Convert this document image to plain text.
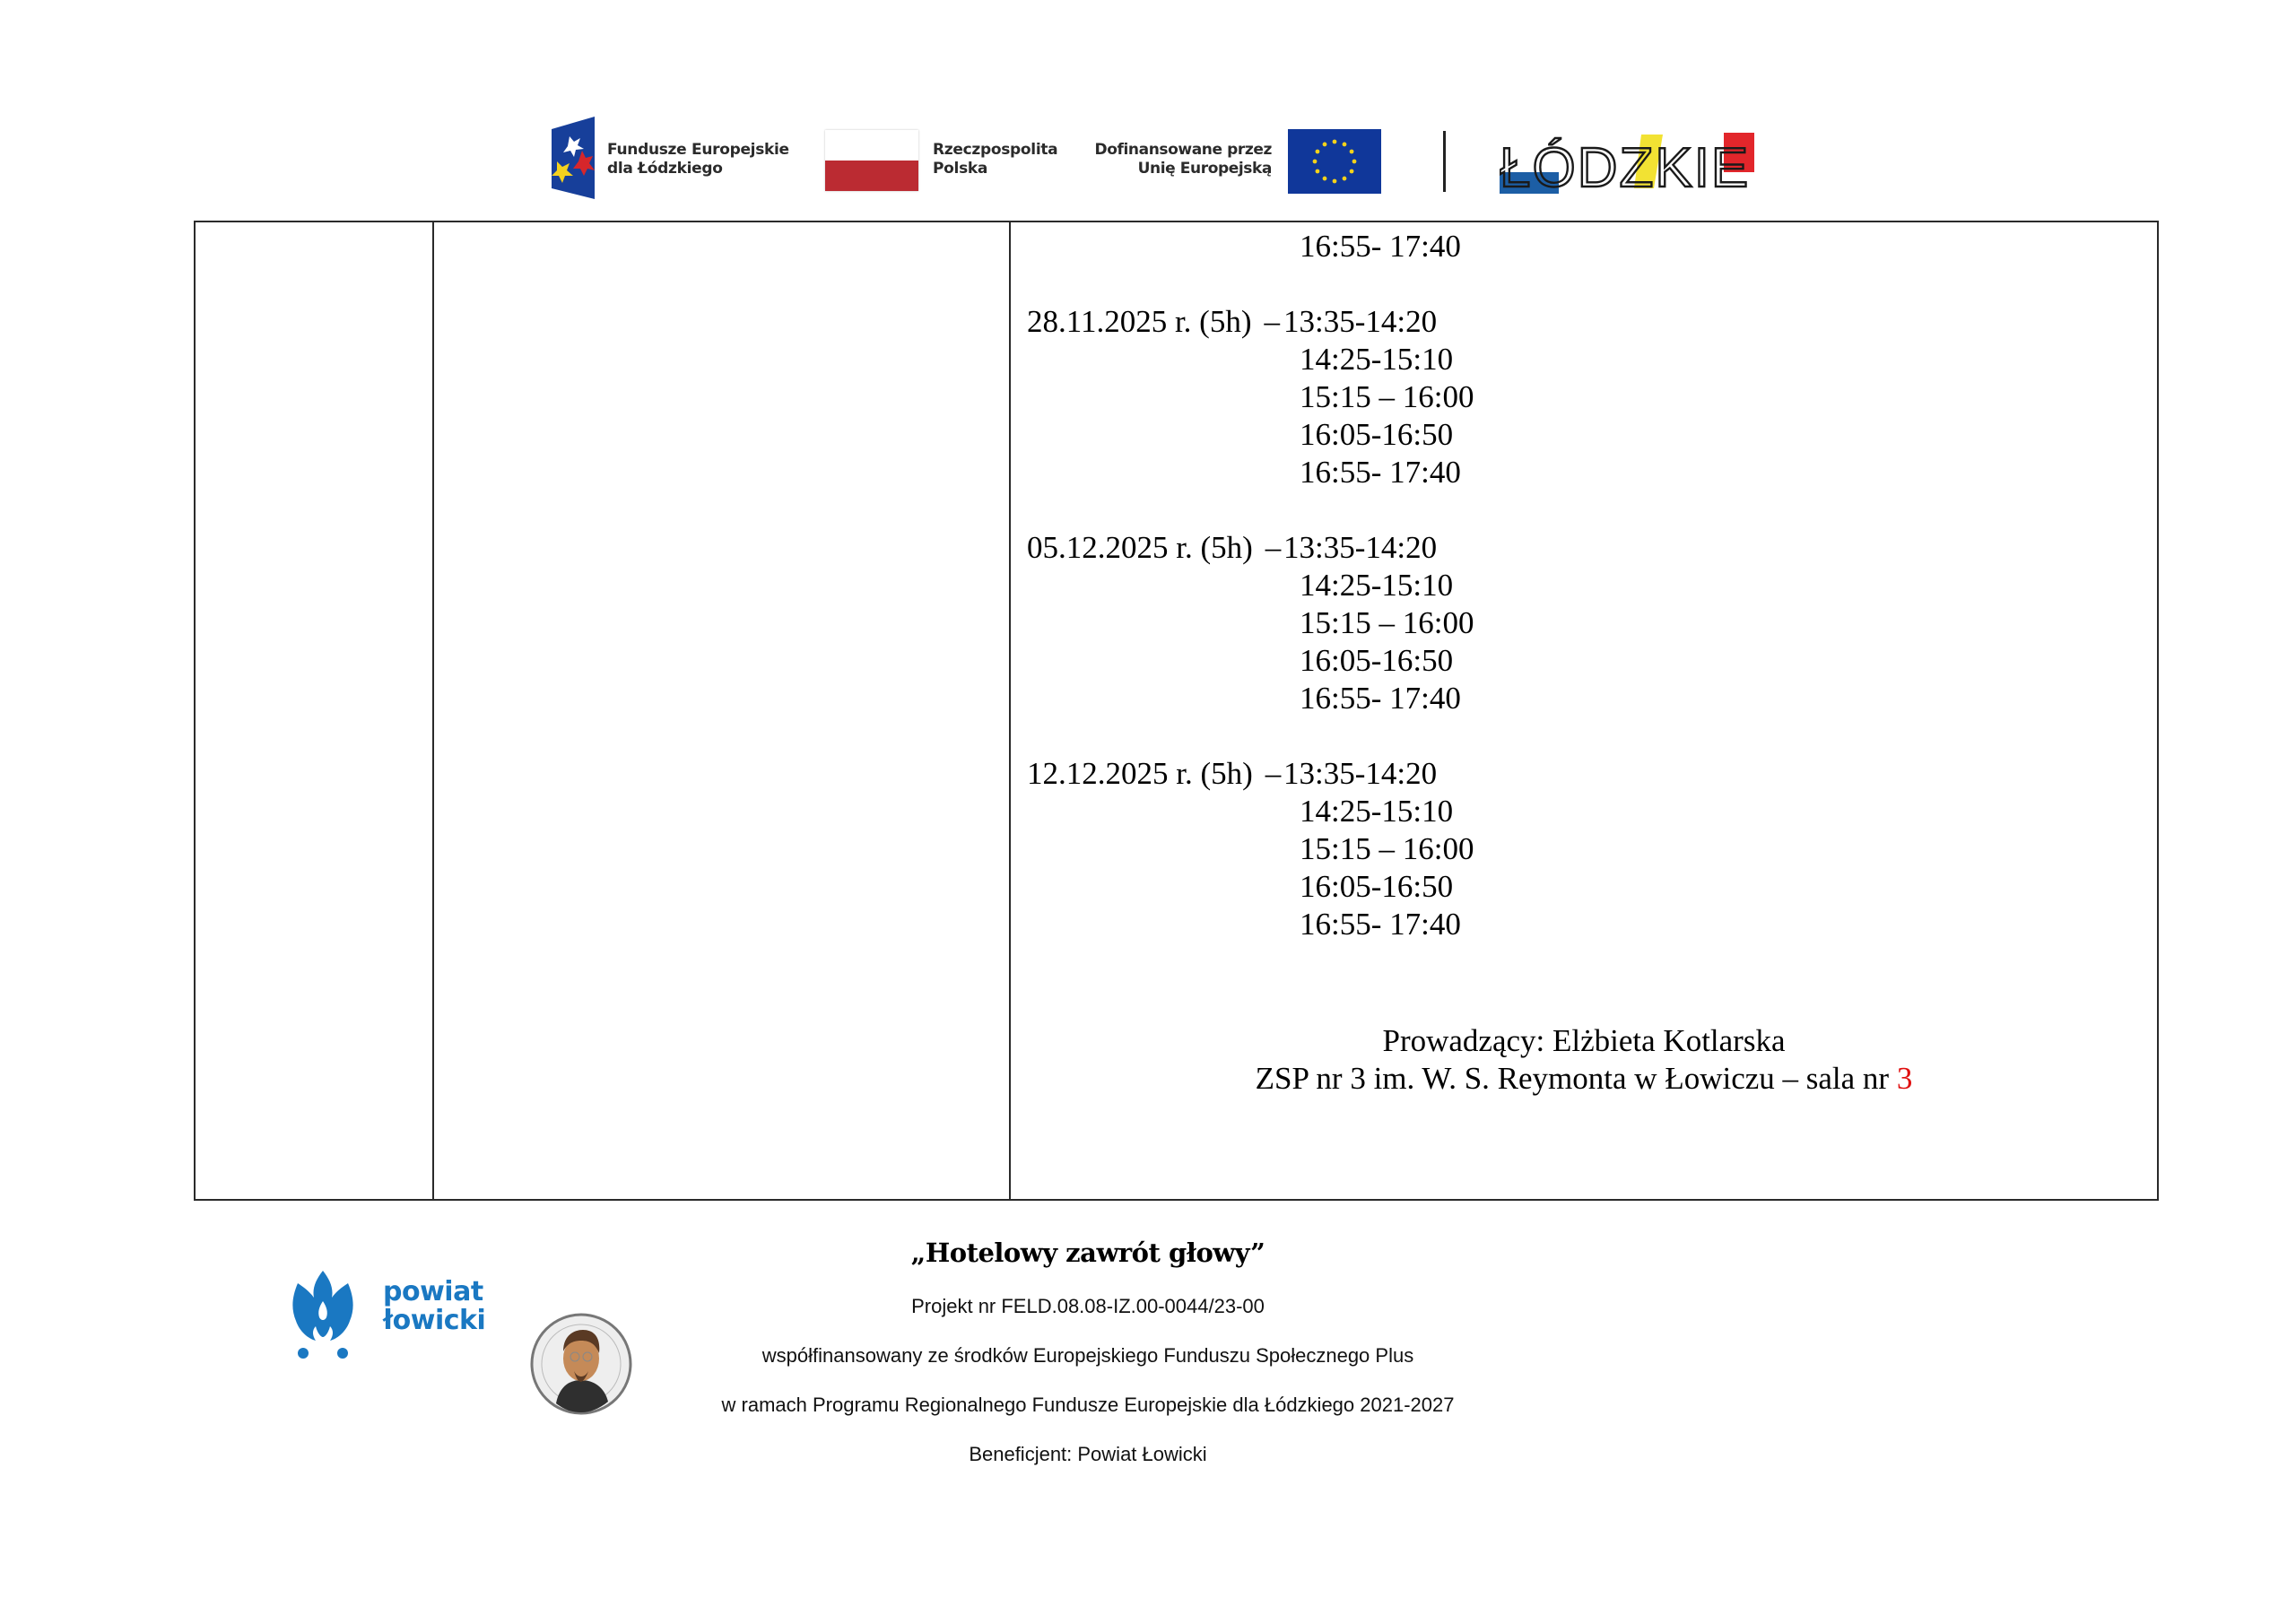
Fundusze Europejskie
dla Łódzkiego
Rzeczpospolita
Polska
Dofinansowane przez
Unię Europejską	ŁÓDZKIE
16:55- 17:40
28.11.2025 r. (5h) – 13:35-14:20
14:25-15:10
15:15 – 16:00
16:05-16:50
16:55- 17:40
05.12.2025 r. (5h) – 13:35-14:20
14:25-15:10
15:15 – 16:00
16:05-16:50
16:55- 17:40
12.12.2025 r. (5h) – 13:35-14:20
14:25-15:10
15:15 – 16:00
16:05-16:50
16:55- 17:40
Prowadzący: Elżbieta Kotlarska
ZSP nr 3 im. W. S. Reymonta w Łowiczu – sala nr 3
powiat
łowicki
„Hotelowy zawrót głowy”
Projekt nr FELD.08.08-IZ.00-0044/23-00
współfinansowany ze środków Europejskiego Funduszu Społecznego Plus
w ramach Programu Regionalnego Fundusze Europejskie dla Łódzkiego 2021-2027
Beneficjent: Powiat Łowicki
